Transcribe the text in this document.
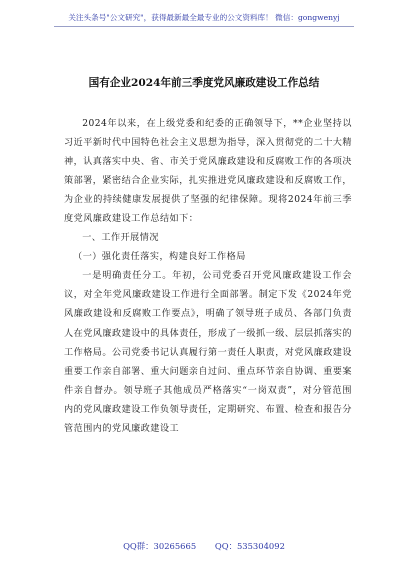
关注头条号"公文研究"，获得最新最全最专业的公文资料库！ 微信：gongwenyj
国有企业2024年前三季度党风廉政建设工作总结

2024年以来，在上级党委和纪委的正确领导下，**企业坚持以习近平新时代中国特色社会主义思想为指导，深入贯彻党的二十大精神，认真落实中央、省、市关于党风廉政建设和反腐败工作的各项决策部署，紧密结合企业实际，扎实推进党风廉政建设和反腐败工作，为企业的持续健康发展提供了坚强的纪律保障。现将2024年前三季度党风廉政建设工作总结如下：

一、工作开展情况

（一）强化责任落实，构建良好工作格局

一是明确责任分工。年初，公司党委召开党风廉政建设工作会议，对全年党风廉政建设工作进行全面部署。制定下发《2024年党风廉政建设和反腐败工作要点》，明确了领导班子成员、各部门负责人在党风廉政建设中的具体责任，形成了一级抓一级、层层抓落实的工作格局。公司党委书记认真履行第一责任人职责，对党风廉政建设重要工作亲自部署、重大问题亲自过问、重点环节亲自协调、重要案件亲自督办。领导班子其他成员严格落实“一岗双责”，对分管范围内的党风廉政建设工作负领导责任，定期研究、布置、检查和报告分管范围内的党风廉政建设工

QQ群：30265665 QQ：535304092
